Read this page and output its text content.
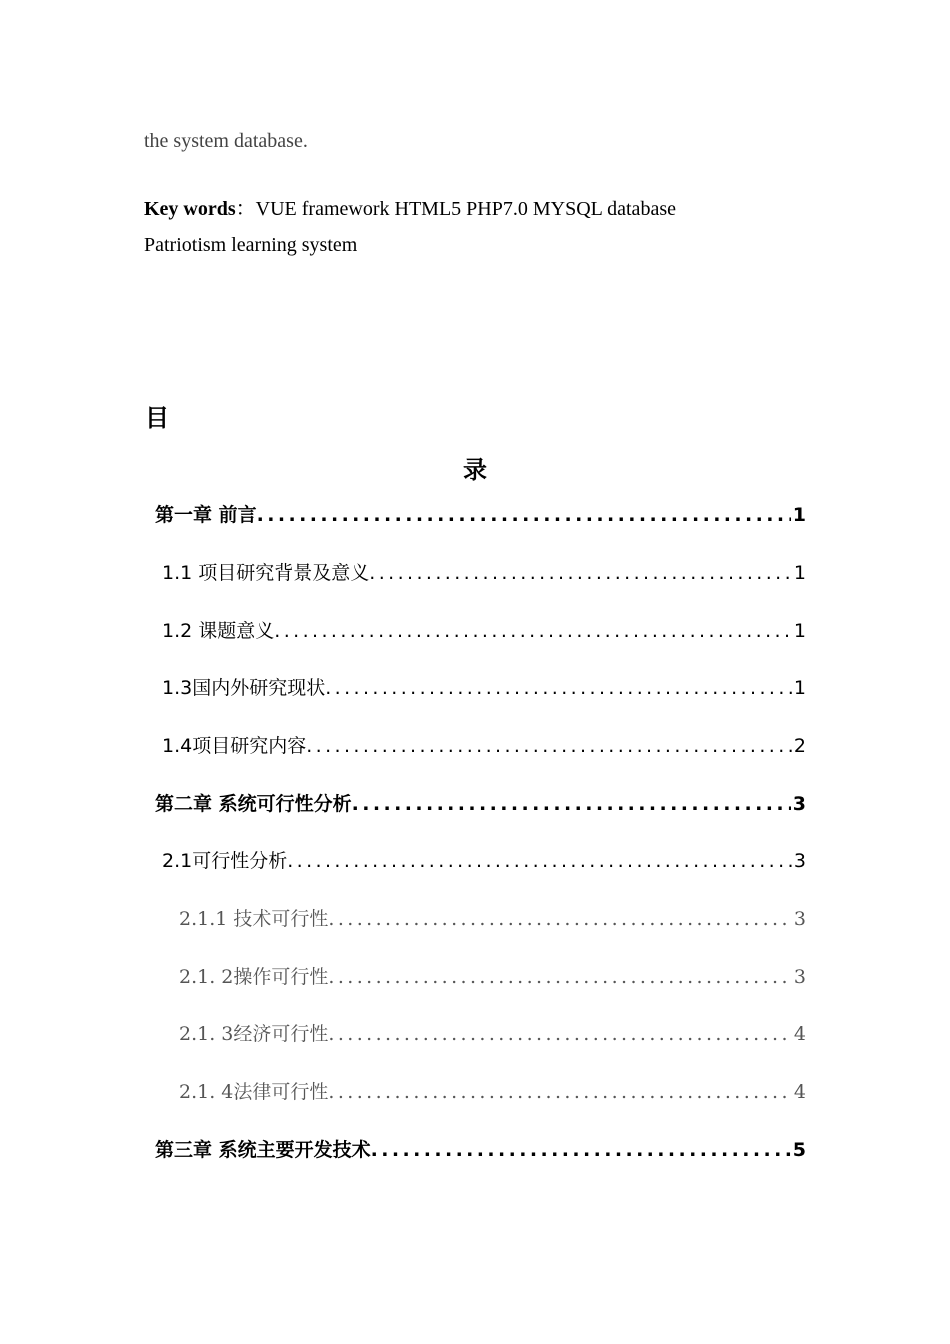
the system database.
Key words：VUE framework HTML5 PHP7.0 MYSQL database
Patriotism learning system
目
录
第一章 前言 .....	1
1.1 项目研究背景及意义 .....	1
1.2 课题意义 .....	1
1.3国内外研究现状 .....	1
1.4项目研究内容 .....	2
第二章 系统可行性分析 .....	3
2.1可行性分析 .....	3
2.1.1 技术可行性 .....	3
2.1. 2操作可行性 .....	3
2.1. 3经济可行性 .....	4
2.1. 4法律可行性 .....	4
第三章 系统主要开发技术 .....	5
